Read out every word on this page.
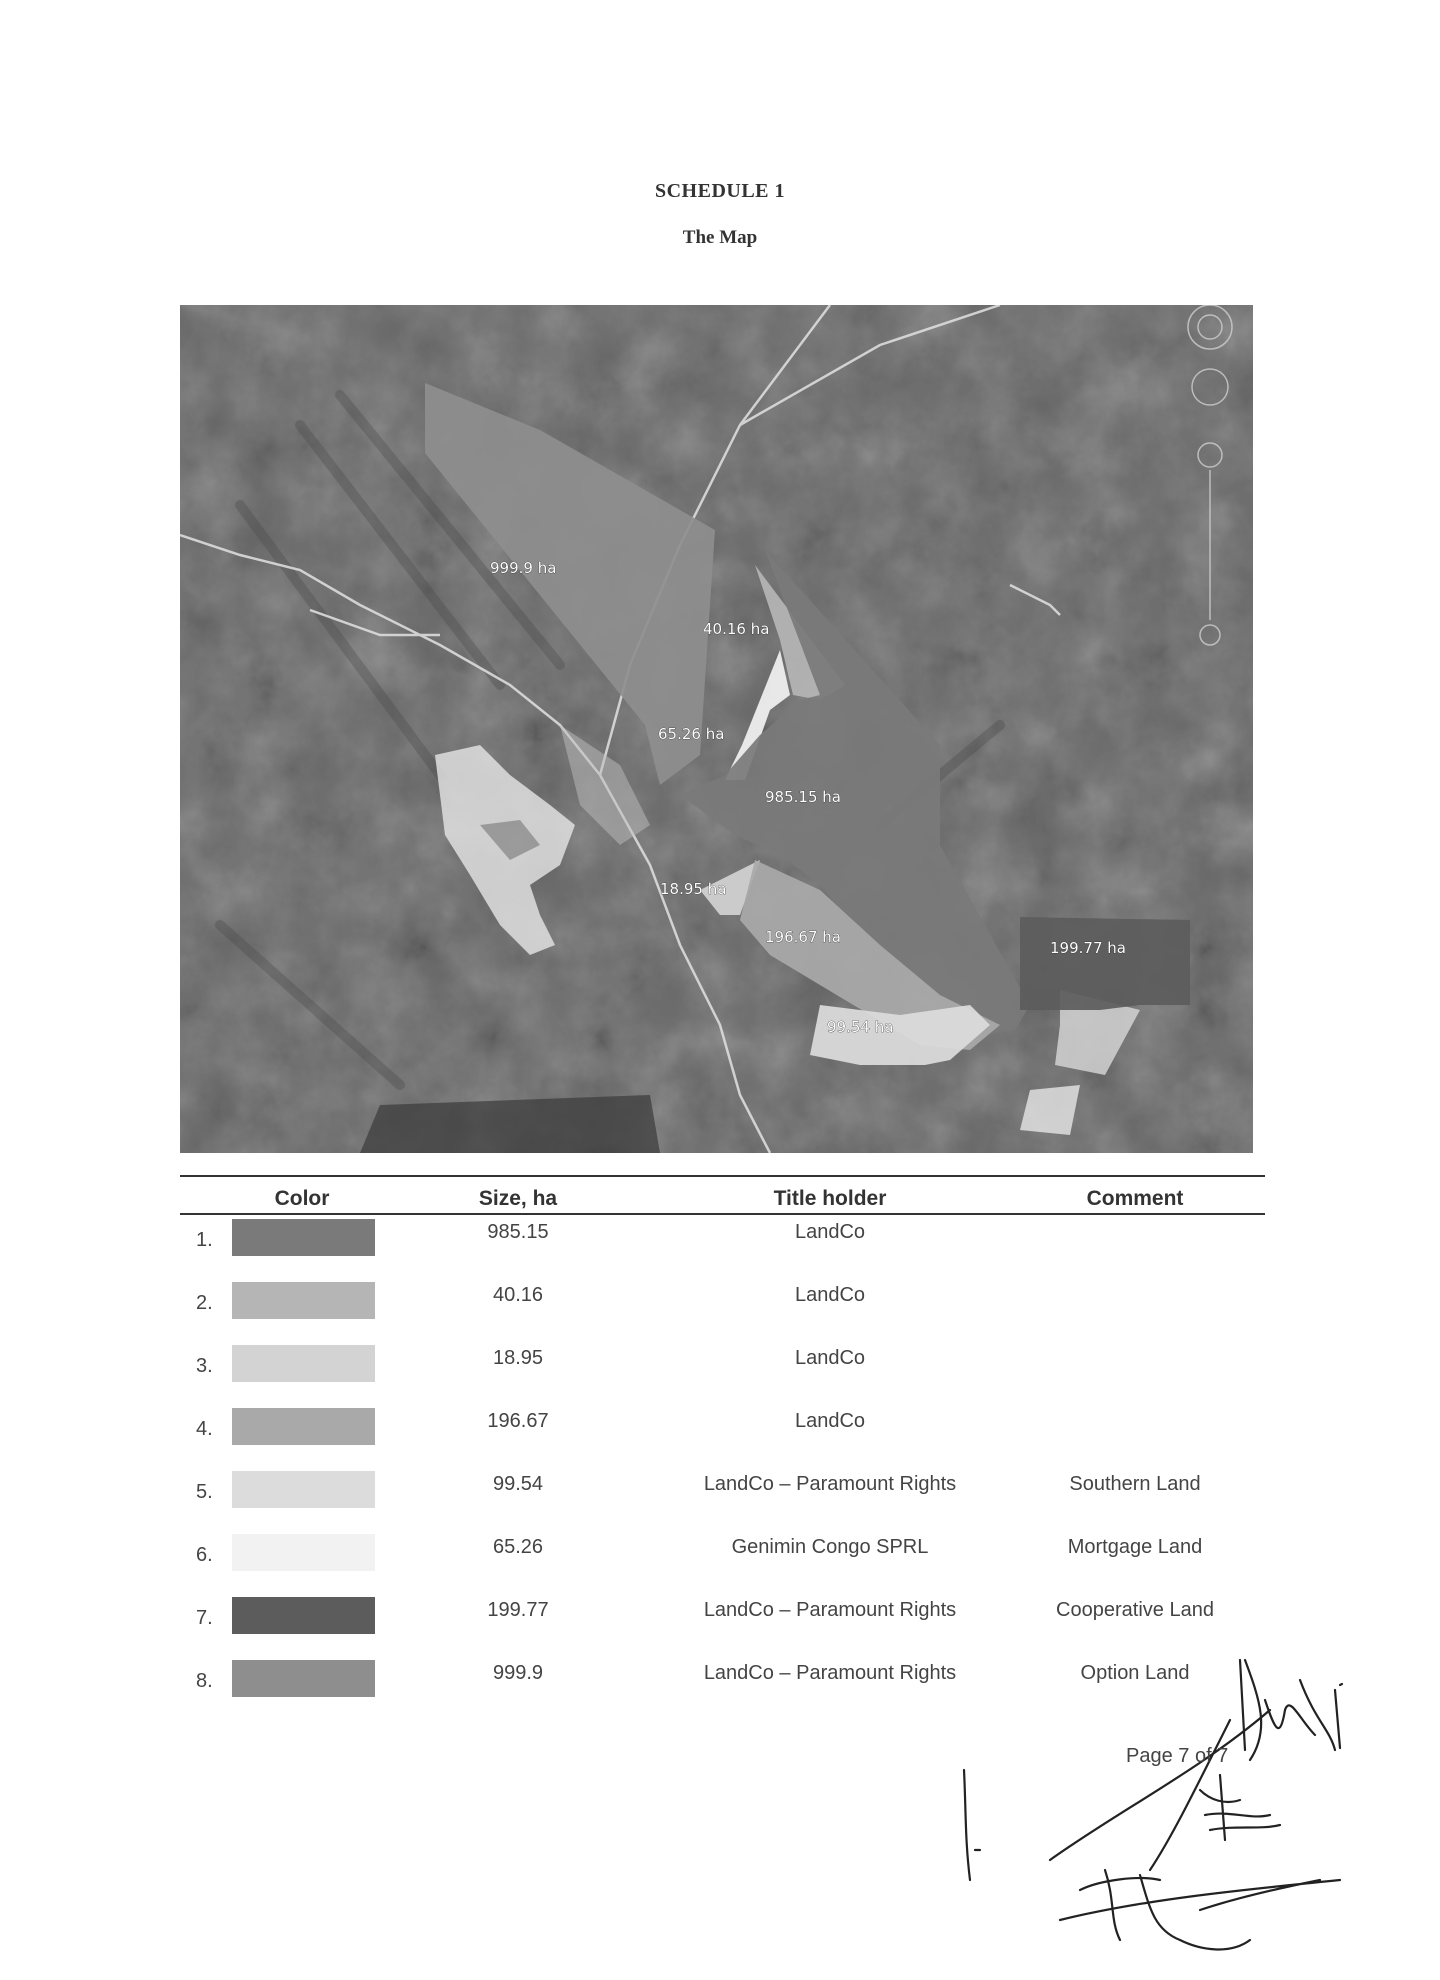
SCHEDULE 1
The Map
999.9 ha
40.16 ha
65.26 ha
985.15 ha
18.95 ha
196.67 ha
99.54 ha
199.77 ha
Color	Size, ha	Title holder	Comment
1.	985.15	LandCo
2.	40.16	LandCo
3.	18.95	LandCo
4.	196.67	LandCo
5.	99.54	LandCo – Paramount Rights	Southern Land
6.	65.26	Genimin Congo SPRL	Mortgage Land
7.	199.77	LandCo – Paramount Rights	Cooperative Land
8.	999.9	LandCo – Paramount Rights	Option Land
Page 7 of 7
